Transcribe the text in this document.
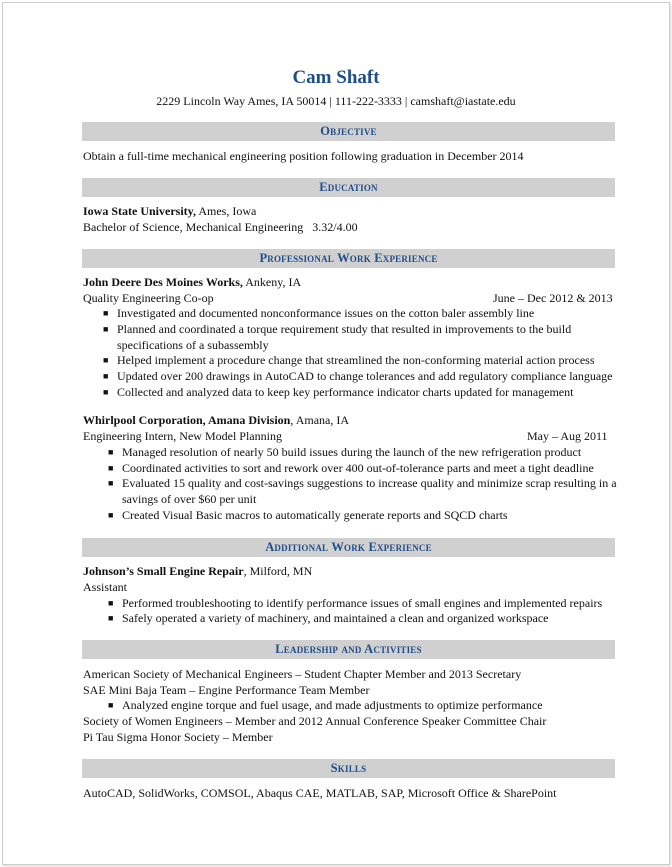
Cam Shaft
2229 Lincoln Way Ames, IA 50014 | 111-222-3333 | camshaft@iastate.edu
Objective
Obtain a full-time mechanical engineering position following graduation in December 2014
Education
Iowa State University, Ames, Iowa
Bachelor of Science, Mechanical Engineering   3.32/4.00
Professional Work Experience
John Deere Des Moines Works, Ankeny, IA
Quality Engineering Co-op	June – Dec 2012 & 2013
■ Investigated and documented nonconformance issues on the cotton baler assembly line
■ Planned and coordinated a torque requirement study that resulted in improvements to the build specifications of a subassembly
■ Helped implement a procedure change that streamlined the non-conforming material action process
■ Updated over 200 drawings in AutoCAD to change tolerances and add regulatory compliance language
■ Collected and analyzed data to keep key performance indicator charts updated for management
Whirlpool Corporation, Amana Division, Amana, IA
Engineering Intern, New Model Planning	May – Aug 2011
■ Managed resolution of nearly 50 build issues during the launch of the new refrigeration product
■ Coordinated activities to sort and rework over 400 out-of-tolerance parts and meet a tight deadline
■ Evaluated 15 quality and cost-savings suggestions to increase quality and minimize scrap resulting in a savings of over $60 per unit
■ Created Visual Basic macros to automatically generate reports and SQCD charts
Additional Work Experience
Johnson’s Small Engine Repair, Milford, MN
Assistant
■ Performed troubleshooting to identify performance issues of small engines and implemented repairs
■ Safely operated a variety of machinery, and maintained a clean and organized workspace
Leadership and Activities
American Society of Mechanical Engineers – Student Chapter Member and 2013 Secretary
SAE Mini Baja Team – Engine Performance Team Member
■ Analyzed engine torque and fuel usage, and made adjustments to optimize performance
Society of Women Engineers – Member and 2012 Annual Conference Speaker Committee Chair
Pi Tau Sigma Honor Society – Member
Skills
AutoCAD, SolidWorks, COMSOL, Abaqus CAE, MATLAB, SAP, Microsoft Office & SharePoint
